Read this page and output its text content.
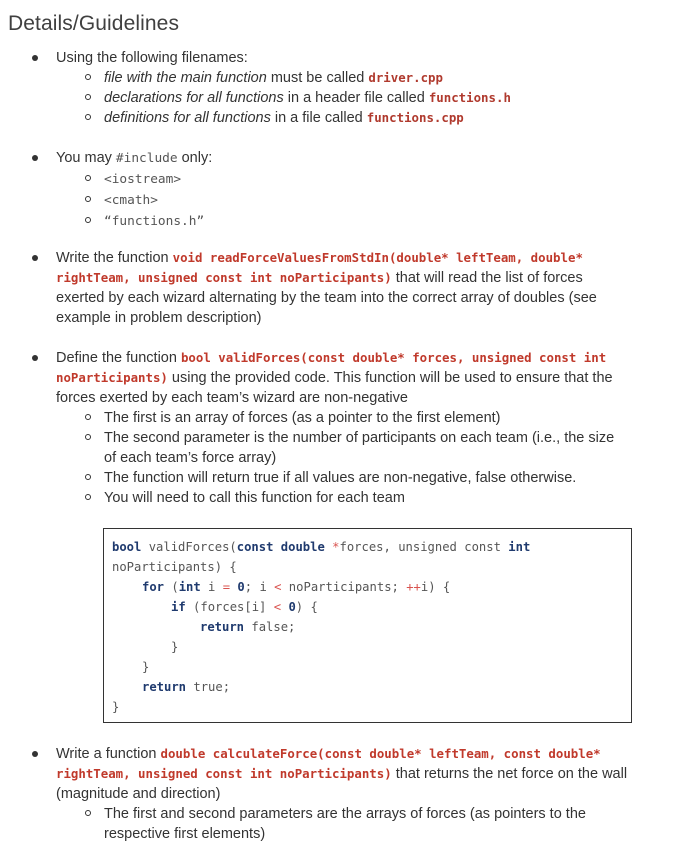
Details/Guidelines
Using the following filenames:
file with the main function must be called driver.cpp
declarations for all functions in a header file called functions.h
definitions for all functions in a file called functions.cpp
You may #include only:
<iostream>
<cmath>
“functions.h”
Write the function void readForceValuesFromStdIn(double* leftTeam, double*
rightTeam, unsigned const int noParticipants) that will read the list of forces
exerted by each wizard alternating by the team into the correct array of doubles (see
example in problem description)
Define the function bool validForces(const double* forces, unsigned const int
noParticipants) using the provided code. This function will be used to ensure that the
forces exerted by each team’s wizard are non-negative
The first is an array of forces (as a pointer to the first element)
The second parameter is the number of participants on each team (i.e., the size
of each team’s force array)
The function will return true if all values are non-negative, false otherwise.
You will need to call this function for each team
bool validForces(const double *forces, unsigned const int
noParticipants) {
for (int i = 0; i < noParticipants; ++i) {
if (forces[i] < 0) {
return false;
}
}
return true;
}
Write a function double calculateForce(const double* leftTeam, const double*
rightTeam, unsigned const int noParticipants) that returns the net force on the wall
(magnitude and direction)
The first and second parameters are the arrays of forces (as pointers to the
respective first elements)
